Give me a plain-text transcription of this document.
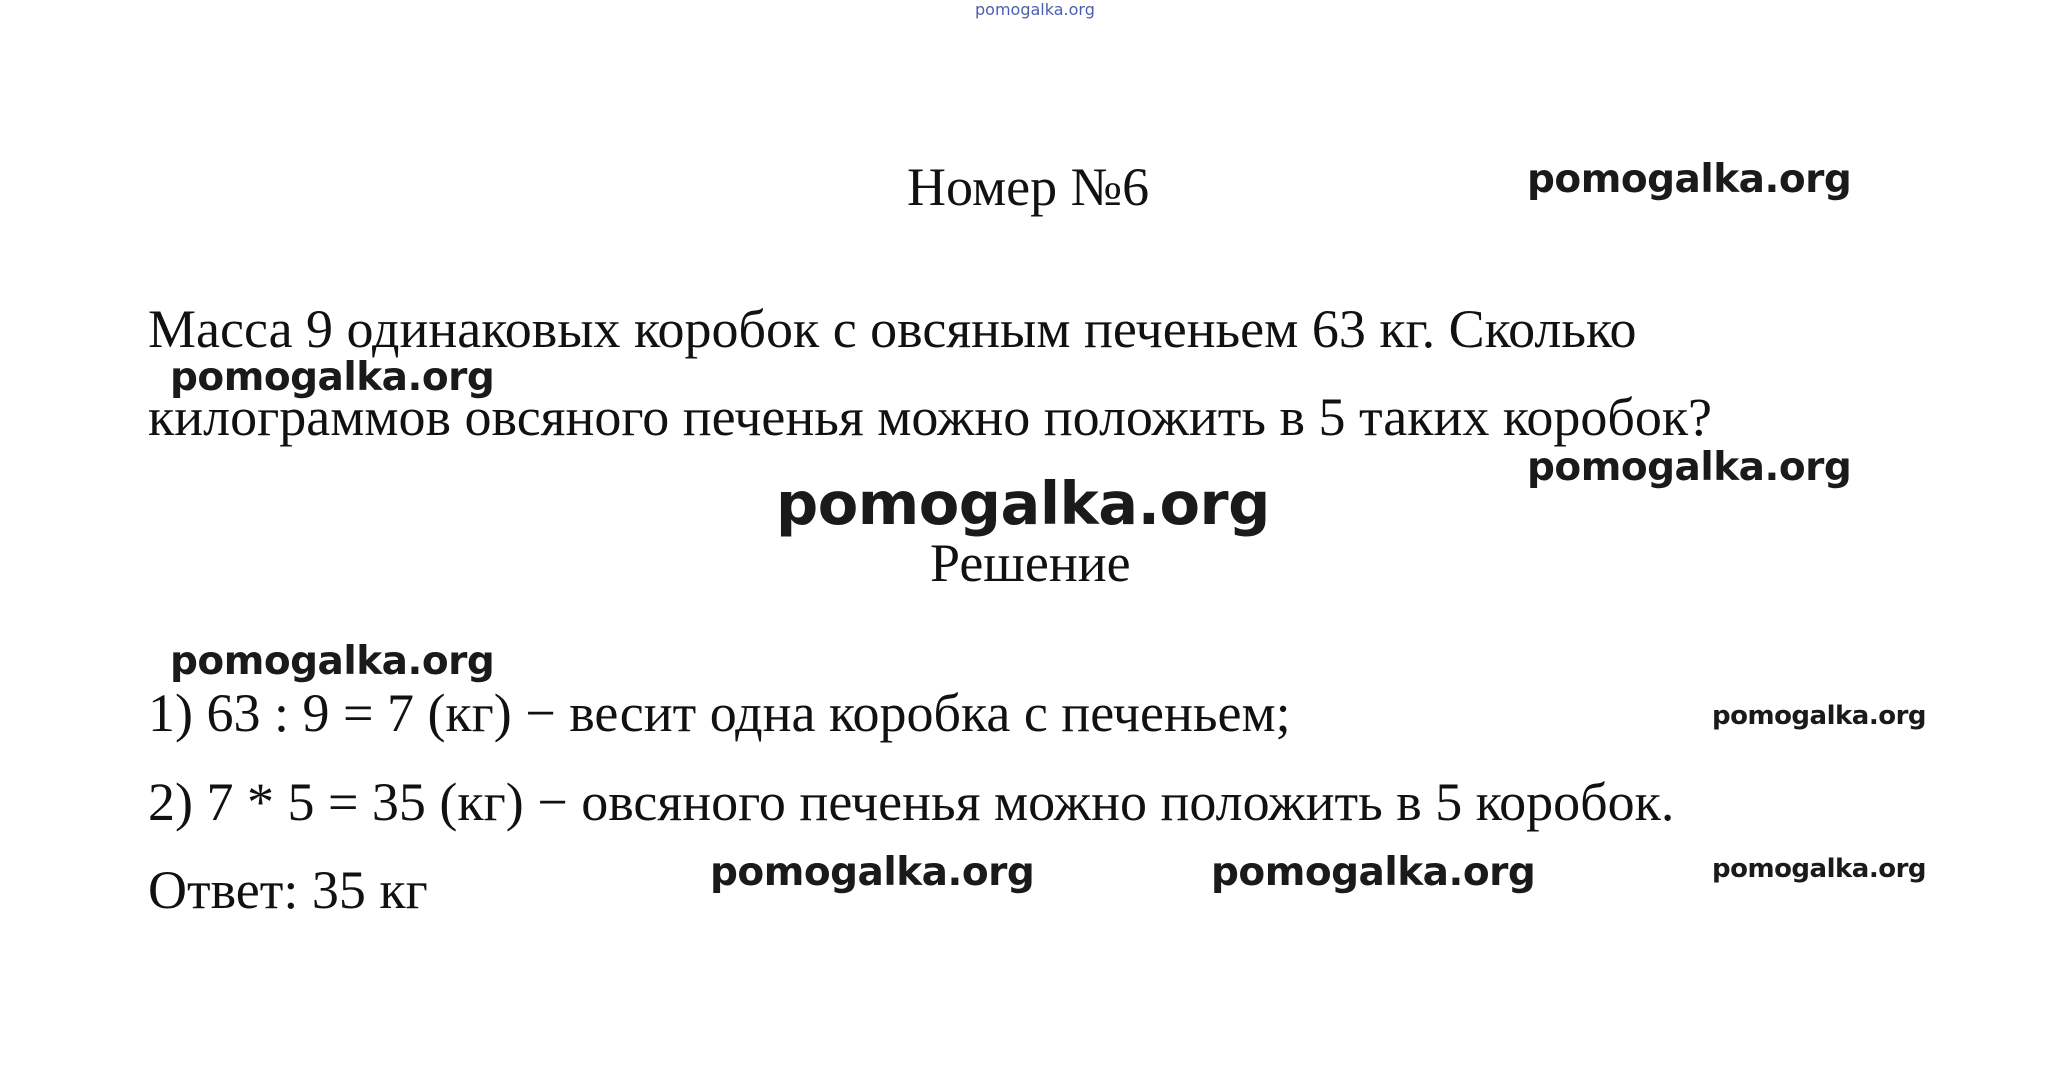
pomogalka.org
Номер №6	pomogalka.org
Масса 9 одинаковых коробок с овсяным печеньем 63 кг. Сколько
pomogalka.org
килограммов овсяного печенья можно положить в 5 таких коробок?
pomogalka.org
pomogalka.org
Решение
pomogalka.org
1) 63 : 9 = 7 (кг) − весит одна коробка с печеньем;	pomogalka.org
2) 7 * 5 = 35 (кг) − овсяного печенья можно положить в 5 коробок.
Ответ: 35 кг	pomogalka.org	pomogalka.org	pomogalka.org
